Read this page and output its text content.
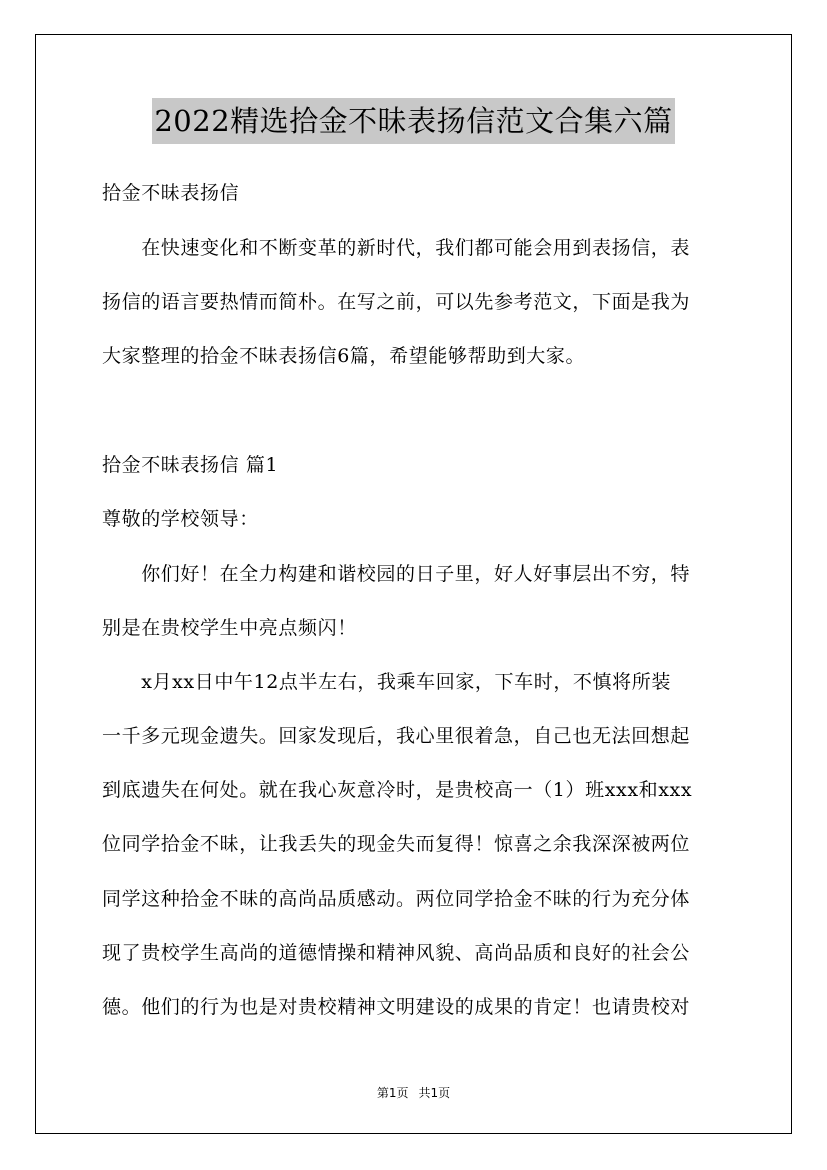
2022精选拾金不昧表扬信范文合集六篇
拾金不昧表扬信
　　在快速变化和不断变革的新时代，我们都可能会用到表扬信，表
扬信的语言要热情而简朴。在写之前，可以先参考范文，下面是我为
大家整理的拾金不昧表扬信6篇，希望能够帮助到大家。
拾金不昧表扬信 篇1
尊敬的学校领导：
　　你们好！在全力构建和谐校园的日子里，好人好事层出不穷，特
别是在贵校学生中亮点频闪！
　　x月xx日中午12点半左右，我乘车回家，下车时，不慎将所装
一千多元现金遗失。回家发现后，我心里很着急，自己也无法回想起
到底遗失在何处。就在我心灰意冷时，是贵校高一（1）班xxx和xxx
位同学拾金不昧，让我丢失的现金失而复得！惊喜之余我深深被两位
同学这种拾金不昧的高尚品质感动。两位同学拾金不昧的行为充分体
现了贵校学生高尚的道德情操和精神风貌、高尚品质和良好的社会公
德。他们的行为也是对贵校精神文明建设的成果的肯定！也请贵校对
第1页 共1页
